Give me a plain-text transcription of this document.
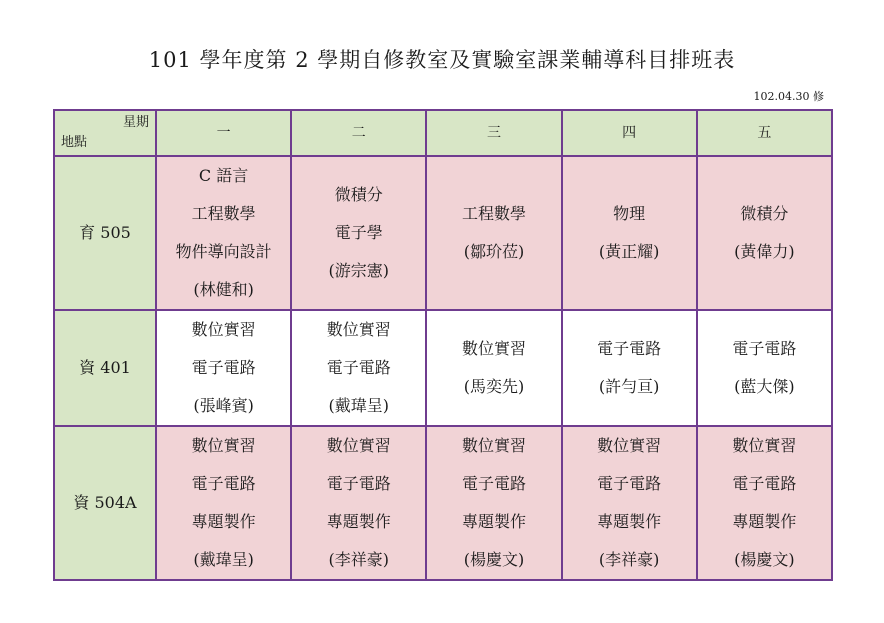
101 學年度第 2 學期自修教室及實驗室課業輔導科目排班表
102.04.30 修
星期
地點	一	二	三	四	五
育 505	C 語言
工程數學
物件導向設計
(林健和)	微積分
電子學
(游宗憲)	工程數學
(鄒玠莅)	物理
(黃正耀)	微積分
(黃偉力)

資 401	數位實習
電子電路
(張峰賓)	數位實習
電子電路
(戴瑋呈)	數位實習
(馬奕先)	電子電路
(許勻亘)	電子電路
(藍大傑)

資 504A	數位實習
電子電路
專題製作
(戴瑋呈)	數位實習
電子電路
專題製作
(李祥豪)	數位實習
電子電路
專題製作
(楊慶文)	數位實習
電子電路
專題製作
(李祥豪)	數位實習
電子電路
專題製作
(楊慶文)
